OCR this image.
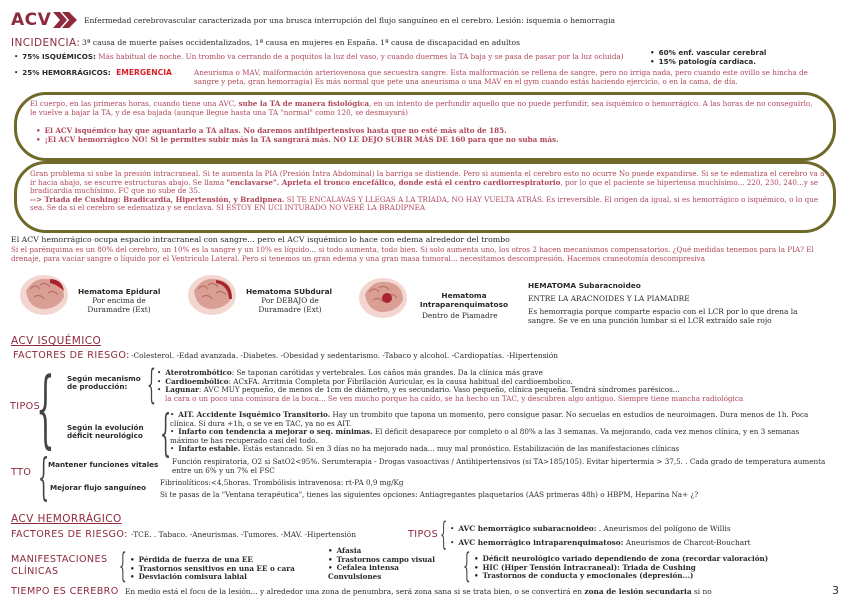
ACV	Enfermedad cerebrovascular caracterizada por una brusca interrupción del flujo sanguíneo en el cerebro. Lesión: isquemia o hemorragia
INCIDENCIA: 3ª causa de muerte países occidentalizados, 1ª causa en mujeres en España. 1ª causa de discapacidad en adultos
• 75% ISQUÉMICOS: Más habitual de noche. Un trombo va cerrando de a poquitos la luz del vaso, y cuando duermes la TA baja y se pasa de pasar por la luz ocluida) •	60% enf. vascular cerebral
• 15% patología cardiaca.
• 25% HEMORRÁGICOS: EMERGENCIA	Aneurisma o MAV, malformación arteriovenosa que secuestra sangre. Esta malformación se rellena de sangre, pero no irriga nada, pero cuando este ovillo se hincha de sangre y peta, gran hemorragia) Es más normal que pete una aneurisma o una MAV en el gym cuando estás haciendo ejercicio, o en la cama, de día.
El cuerpo, en las primeras horas, cuando tiene una AVC, sube la TA de manera fisiológica, en un intento de perfundir aquello que no puede perfundir, sea isquémico o hemorrágico. A las horas de no conseguirlo, le vuelve a bajar la TA, y de esa bajada (aunque llegue hasta una TA "normal" como 120, se desmayará)
• El ACV isquémico hay que aguantarlo a TA altas. No daremos antihipertensivos hasta que no esté más alto de 185.
• ¡El ACV hemorrágico NO! Si le permites subir más la TA sangrará más. NO LE DEJO SUBIR MÁS DE 160 para que no suba más.
Gran problema si sube la presión intracraneal. Si te aumenta la PIA (Presión Intra Abdominal) la barriga se distiende. Pero si aumenta el cerebro esto no ocurre No puede expandirse. Si se te edematiza el cerebro va a ir hacia abajo, se escurre estructuras abajo. Se llama "enclavarse". Aprieta el tronco encefálico, donde está el centro cardiorrespiratorio, por lo que el paciente se hipertensa muchísimo... 220, 230, 240...y se bradicardia muchísimo. FC que no sube de 35.
--> Triada de Cushing: Bradicardia, Hipertensión, y Bradipnea. SI TE ENCALAVAS Y LLEGAS A LA TRIADA, NO HAY VUELTA ATRÁS. Es irreversible. El origen da igual, si es hemorrágico o isquémico, o lo que sea. Se da si el cerebro se edematiza y se enclava. SI ESTOY EN UCI INTUBADO NO VERÉ LA BRADIPNEA
El ACV hemorrágico ocupa espacio intracraneal con sangre... pero el ACV isquémico lo hace con edema alrededor del trombo
Si el parénquima es un 80% del cerebro, un 10% es la sangre y un 10% es líquido... si todo aumenta, todo bien. Si solo aumenta uno, los otros 2 hacen mecanismos compensatorios. ¿Qué medidas tenemos para la PIA? El drenaje, para vaciar sangre o líquido por el Ventrículo Lateral. Pero si tenemos un gran edema y una gran masa tumoral... necesitamos descompresión. Hacemos craneotomía descompresiva
Hematoma Epidural
Por encima de Duramadre (Ext)
Hematoma SUbdural
Por DEBAJO de Duramadre (Ext)
Hematoma Intraparenquimatoso
Dentro de Piamadre
HEMATOMA Subaracnoideo
ENTRE LA ARACNOIDES Y LA PIAMADRE
Es hemorragia porque comparte espacio con el LCR por lo que drena la sangre. Se ve en una punción lumbar si el LCR extraído sale rojo
ACV ISQUÉMICO
FACTORES DE RIESGO: -Colesterol. -Edad avanzada. -Diabetes. -Obesidad y sedentarismo. -Tabaco y alcohol. -Cardiopatías. -Hipertensión
TIPOS
{ Según mecanismo de producción: { •	Aterotrombótico: Se taponan carótidas y vertebrales. Los caños más grandes. Da la clínica más grave
• Cardioembólico: ACxFA. Arritmia Completa por Fibrilación Auricular, es la causa habitual del cardioembolico.
• Lagunar: AVC MUY pequeño, de menos de 1cm de diámetro, y es secundario. Vaso pequeño, clínica pequeña. Tendrá síndromes parésicos...
la cara o un poco una comisura de la boca... Se ven mucho porque ha caído, se ha hecho un TAC, y descubren algo antiguo. Siempre tiene mancha radiológica
Según la evolución déficit neurológico { • AIT. Accidente Isquémico Transitorio. Hay un trombito que tapona un momento, pero consigue pasar. No secuelas en estudios de neuroimagen. Dura menos de 1h. Poca clínica. Si dura +1h, o se ve en TAC, ya no es AIT.
• Infarto con tendencia a mejorar o seq. mínimas. El déficit desaparece por completo o al 80% a las 3 semanas. Va mejorando, cada vez menos clínica, y en 3 semanas máximo te has recuperado casi del todo.
• Infarto estable. Estás estancado. Si en 3 días no ha mejorado nada... muy mal pronóstico. Estabilización de las manifestaciones clínicas
TTO {
Mantener funciones vitales Función respiratoria, O2 si SatO2<95%. Serumterapia - Drogas vasoactivas / Antihipertensivos (si TA>185/105). Evitar hipertermia > 37,5. . Cada grado de temperatura aumenta entre un 6% y un 7% el FSC
Mejorar flujo sanguíneo
Fibrinolíticos:<4,5horas. Trombólisis intravenosa: rt-PA 0,9 mg/Kg
Si te pasas de la "Ventana terapéutica", tienes las siguientes opciones: Antiagregantes plaquetarios (AAS primeras 48h) o HBPM, Heparina Na+ ¿?
ACV HEMORRÁGICO
FACTORES DE RIESGO: -TCE. . Tabaco. -Aneurismas. -Tumores. -MAV. -Hipertensión	TIPOS { •	AVC hemorrágico subaracnoideo: . Aneurismos del polígono de Willis
• AVC hemorrágico intraparenquimatoso: Aneurismos de Charcot-Bouchart
MANIFESTACIONES CLÍNICAS	{ •	Pérdida de fuerza de una EE
• Trastornos sensitivos en una EE o cara
• Desviación comisura labial
• Afasia
• Trastornos campo visual
• Cefalea intensa
Convulsiones	{ •	Déficit neurológico variado dependiendo de zona (recordar valoración)
• HIC (Hiper Tensión Intracraneal): Triada de Cushing
• Trastornos de conducta y emocionales (depresión...)
TIEMPO ES CEREBRO En medio está el foco de la lesión... y alrededor una zona de penumbra, será zona sana si se trata bien, o se convertirá en zona de lesión secundaria si no	3
